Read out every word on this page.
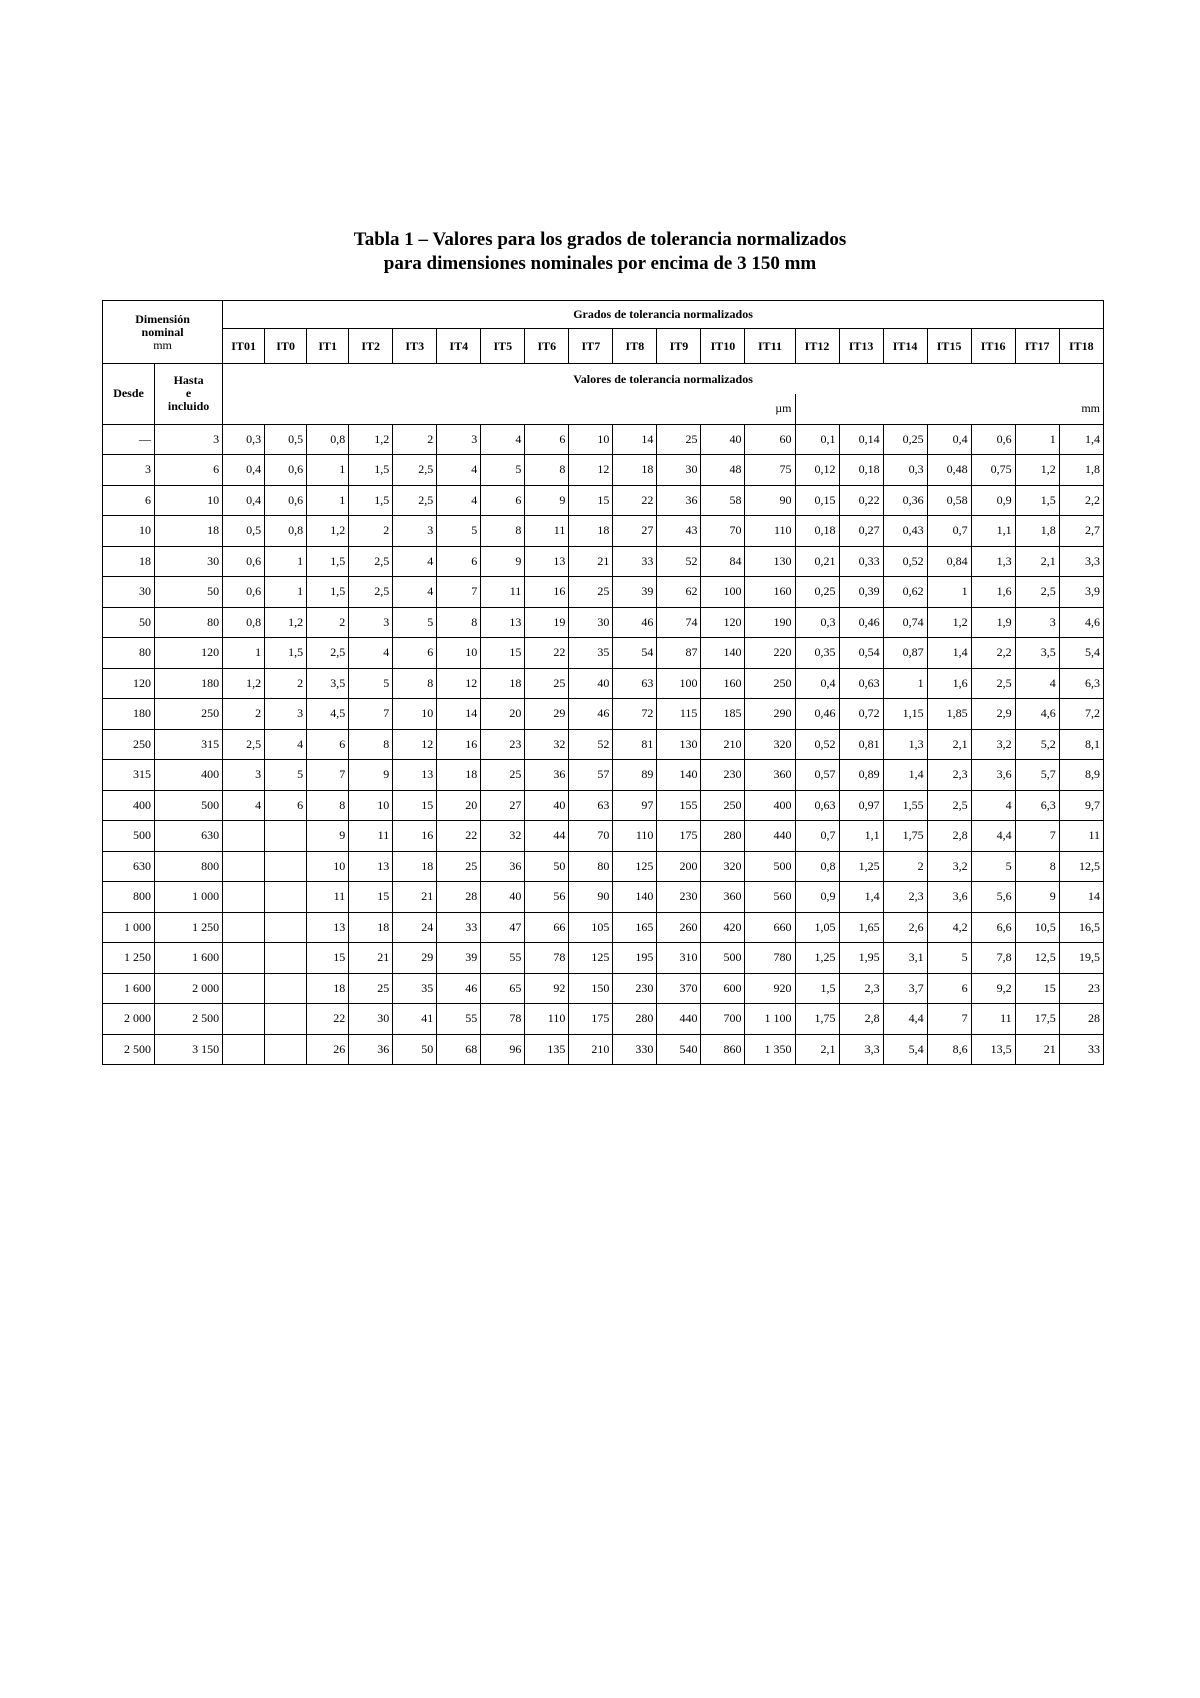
Tabla 1 – Valores para los grados de tolerancia normalizados
para dimensiones nominales por encima de 3 150 mm
Dimensión
nominal
mm		Grados de tolerancia normalizados																			
		IT01	IT0	IT1	IT2	IT3	IT4	IT5	IT6	IT7	IT8	IT9	IT10	IT11	IT12	IT13	IT14	IT15	IT16	IT17	IT18
Desde	Hasta
e
incluido	Valores de tolerancia normalizados																			
		µm													mm						
—	3	0,3	0,5	0,8	1,2	2	3	4	6	10	14	25	40	60	0,1	0,14	0,25	0,4	0,6	1	1,4
3	6	0,4	0,6	1	1,5	2,5	4	5	8	12	18	30	48	75	0,12	0,18	0,3	0,48	0,75	1,2	1,8
6	10	0,4	0,6	1	1,5	2,5	4	6	9	15	22	36	58	90	0,15	0,22	0,36	0,58	0,9	1,5	2,2
10	18	0,5	0,8	1,2	2	3	5	8	11	18	27	43	70	110	0,18	0,27	0,43	0,7	1,1	1,8	2,7
18	30	0,6	1	1,5	2,5	4	6	9	13	21	33	52	84	130	0,21	0,33	0,52	0,84	1,3	2,1	3,3
30	50	0,6	1	1,5	2,5	4	7	11	16	25	39	62	100	160	0,25	0,39	0,62	1	1,6	2,5	3,9
50	80	0,8	1,2	2	3	5	8	13	19	30	46	74	120	190	0,3	0,46	0,74	1,2	1,9	3	4,6
80	120	1	1,5	2,5	4	6	10	15	22	35	54	87	140	220	0,35	0,54	0,87	1,4	2,2	3,5	5,4
120	180	1,2	2	3,5	5	8	12	18	25	40	63	100	160	250	0,4	0,63	1	1,6	2,5	4	6,3
180	250	2	3	4,5	7	10	14	20	29	46	72	115	185	290	0,46	0,72	1,15	1,85	2,9	4,6	7,2
250	315	2,5	4	6	8	12	16	23	32	52	81	130	210	320	0,52	0,81	1,3	2,1	3,2	5,2	8,1
315	400	3	5	7	9	13	18	25	36	57	89	140	230	360	0,57	0,89	1,4	2,3	3,6	5,7	8,9
400	500	4	6	8	10	15	20	27	40	63	97	155	250	400	0,63	0,97	1,55	2,5	4	6,3	9,7
500	630			9	11	16	22	32	44	70	110	175	280	440	0,7	1,1	1,75	2,8	4,4	7	11
630	800			10	13	18	25	36	50	80	125	200	320	500	0,8	1,25	2	3,2	5	8	12,5
800	1 000			11	15	21	28	40	56	90	140	230	360	560	0,9	1,4	2,3	3,6	5,6	9	14
1 000	1 250			13	18	24	33	47	66	105	165	260	420	660	1,05	1,65	2,6	4,2	6,6	10,5	16,5
1 250	1 600			15	21	29	39	55	78	125	195	310	500	780	1,25	1,95	3,1	5	7,8	12,5	19,5
1 600	2 000			18	25	35	46	65	92	150	230	370	600	920	1,5	2,3	3,7	6	9,2	15	23
2 000	2 500			22	30	41	55	78	110	175	280	440	700	1 100	1,75	2,8	4,4	7	11	17,5	28
2 500	3 150			26	36	50	68	96	135	210	330	540	860	1 350	2,1	3,3	5,4	8,6	13,5	21	33
